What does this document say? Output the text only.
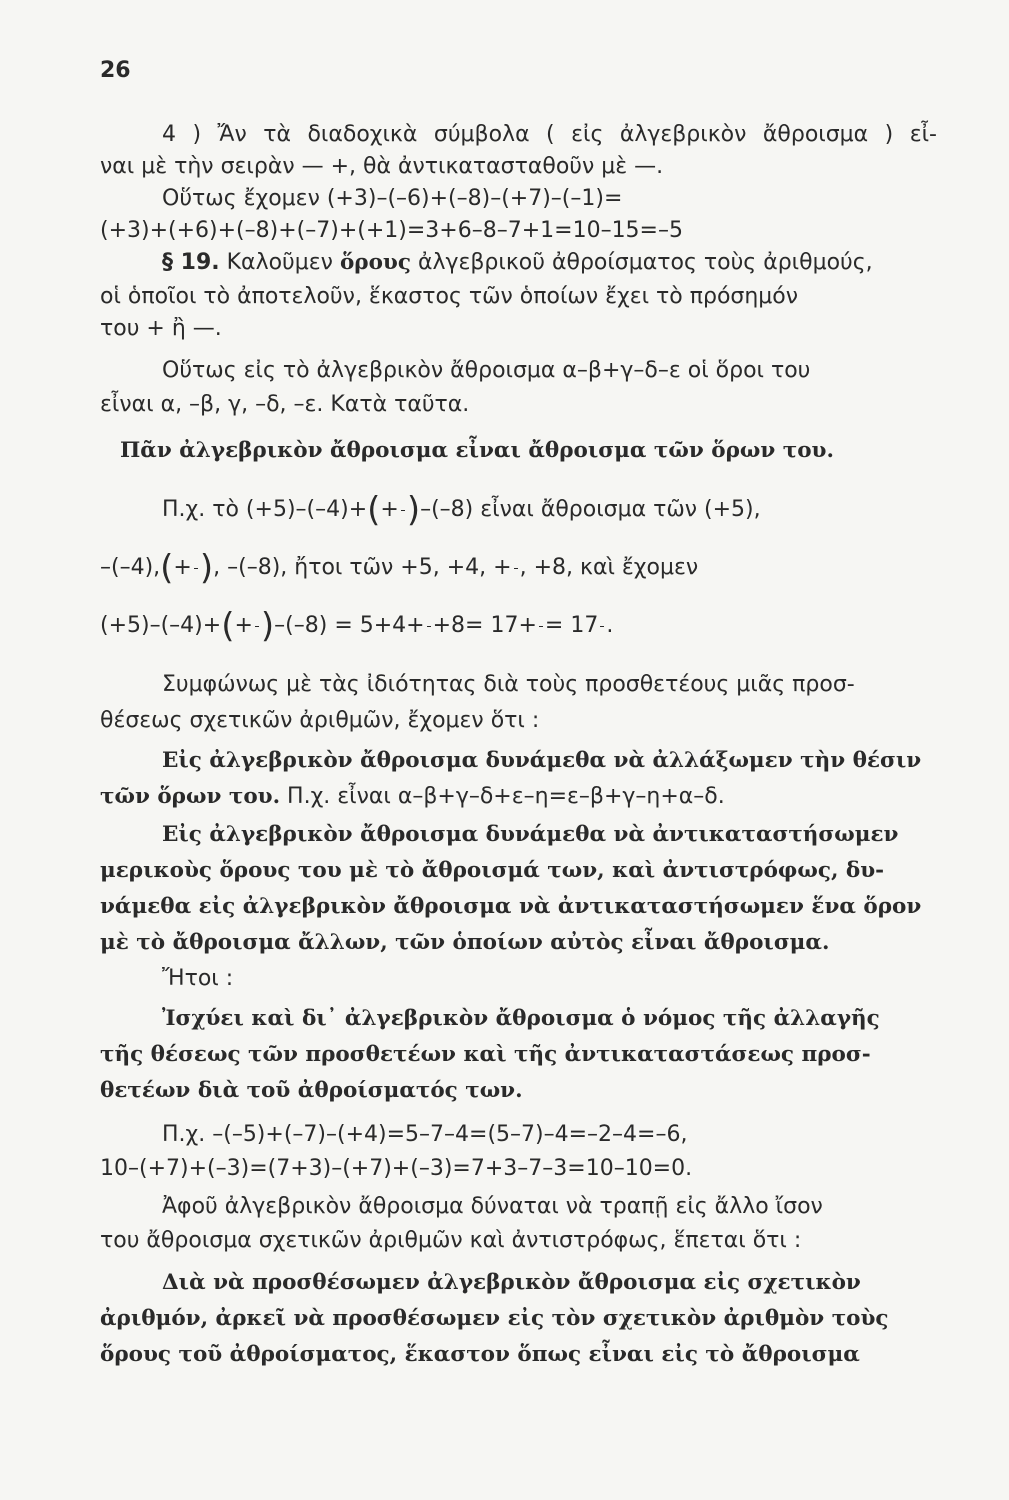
26
4 ) Ἄν τὰ διαδοχικὰ σύμβολα ( εἰς ἀλγεβρικὸν ἄθροισμα ) εἶ-
ναι μὲ τὴν σειρὰν — +, θὰ ἀντικατασταθοῦν μὲ —.
Οὕτως ἔχομεν (+3)–(–6)+(–8)–(+7)–(–1)=
(+3)+(+6)+(–8)+(–7)+(+1)=3+6–8–7+1=10–15=–5
§ 19. Καλοῦμεν ὅρους ἀλγεβρικοῦ ἀθροίσματος τοὺς ἀριθμούς,
οἱ ὁποῖοι τὸ ἀποτελοῦν, ἕκαστος τῶν ὁποίων ἔχει τὸ πρόσημόν
του + ἢ —.
Οὕτως εἰς τὸ ἀλγεβρικὸν ἄθροισμα α–β+γ–δ–ε οἱ ὅροι του
εἶναι α, –β, γ, –δ, –ε. Κατὰ ταῦτα.
Πᾶν ἀλγεβρικὸν ἄθροισμα εἶναι ἄθροισμα τῶν ὅρων του.
Π.χ. τὸ (+5)–(–4)+(+ )–(–8) εἶναι ἄθροισμα τῶν (+5),
–(–4),(+ ), –(–8), ἤτοι τῶν +5, +4, + , +8, καὶ ἔχομεν
(+5)–(–4)+(+ )–(–8) = 5+4+ +8= 17+ = 17 .
Συμφώνως μὲ τὰς ἰδιότητας διὰ τοὺς προσθετέους μιᾶς προσ-
θέσεως σχετικῶν ἀριθμῶν, ἔχομεν ὅτι :
Εἰς ἀλγεβρικὸν ἄθροισμα δυνάμεθα νὰ ἀλλάξωμεν τὴν θέσιν
τῶν ὅρων του. Π.χ. εἶναι α–β+γ–δ+ε–η=ε–β+γ–η+α–δ.
Εἰς ἀλγεβρικὸν ἄθροισμα δυνάμεθα νὰ ἀντικαταστήσωμεν
μερικοὺς ὅρους του μὲ τὸ ἄθροισμά των, καὶ ἀντιστρόφως, δυ-
νάμεθα εἰς ἀλγεβρικὸν ἄθροισμα νὰ ἀντικαταστήσωμεν ἕνα ὅρον
μὲ τὸ ἄθροισμα ἄλλων, τῶν ὁποίων αὐτὸς εἶναι ἄθροισμα.
Ἤτοι :
Ἰσχύει καὶ δι᾽ ἀλγεβρικὸν ἄθροισμα ὁ νόμος τῆς ἀλλαγῆς
τῆς θέσεως τῶν προσθετέων καὶ τῆς ἀντικαταστάσεως προσ-
θετέων διὰ τοῦ ἀθροίσματός των.
Π.χ. –(–5)+(–7)–(+4)=5–7–4=(5–7)–4=–2–4=–6,
10–(+7)+(–3)=(7+3)–(+7)+(–3)=7+3–7–3=10–10=0.
Ἀφοῦ ἀλγεβρικὸν ἄθροισμα δύναται νὰ τραπῇ εἰς ἄλλο ἴσον
του ἄθροισμα σχετικῶν ἀριθμῶν καὶ ἀντιστρόφως, ἕπεται ὅτι :
Διὰ νὰ προσθέσωμεν ἀλγεβρικὸν ἄθροισμα εἰς σχετικὸν
ἀριθμόν, ἀρκεῖ νὰ προσθέσωμεν εἰς τὸν σχετικὸν ἀριθμὸν τοὺς
ὅρους τοῦ ἀθροίσματος, ἕκαστον ὅπως εἶναι εἰς τὸ ἄθροισμα
